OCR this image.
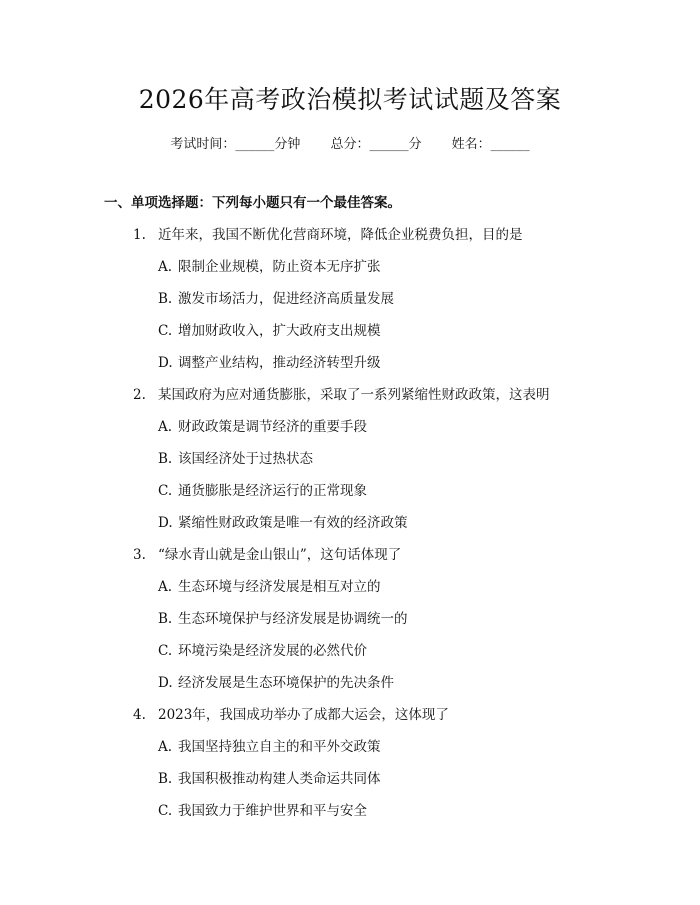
2026年高考政治模拟考试试题及答案
考试时间：______分钟 总分：______分 姓名：______
一、单项选择题：下列每小题只有一个最佳答案。
1. 近年来，我国不断优化营商环境，降低企业税费负担，目的是
A. 限制企业规模，防止资本无序扩张
B. 激发市场活力，促进经济高质量发展
C. 增加财政收入，扩大政府支出规模
D. 调整产业结构，推动经济转型升级
2. 某国政府为应对通货膨胀，采取了一系列紧缩性财政政策，这表明
A. 财政政策是调节经济的重要手段
B. 该国经济处于过热状态
C. 通货膨胀是经济运行的正常现象
D. 紧缩性财政政策是唯一有效的经济政策
3. “绿水青山就是金山银山”，这句话体现了
A. 生态环境与经济发展是相互对立的
B. 生态环境保护与经济发展是协调统一的
C. 环境污染是经济发展的必然代价
D. 经济发展是生态环境保护的先决条件
4. 2023年，我国成功举办了成都大运会，这体现了
A. 我国坚持独立自主的和平外交政策
B. 我国积极推动构建人类命运共同体
C. 我国致力于维护世界和平与安全
